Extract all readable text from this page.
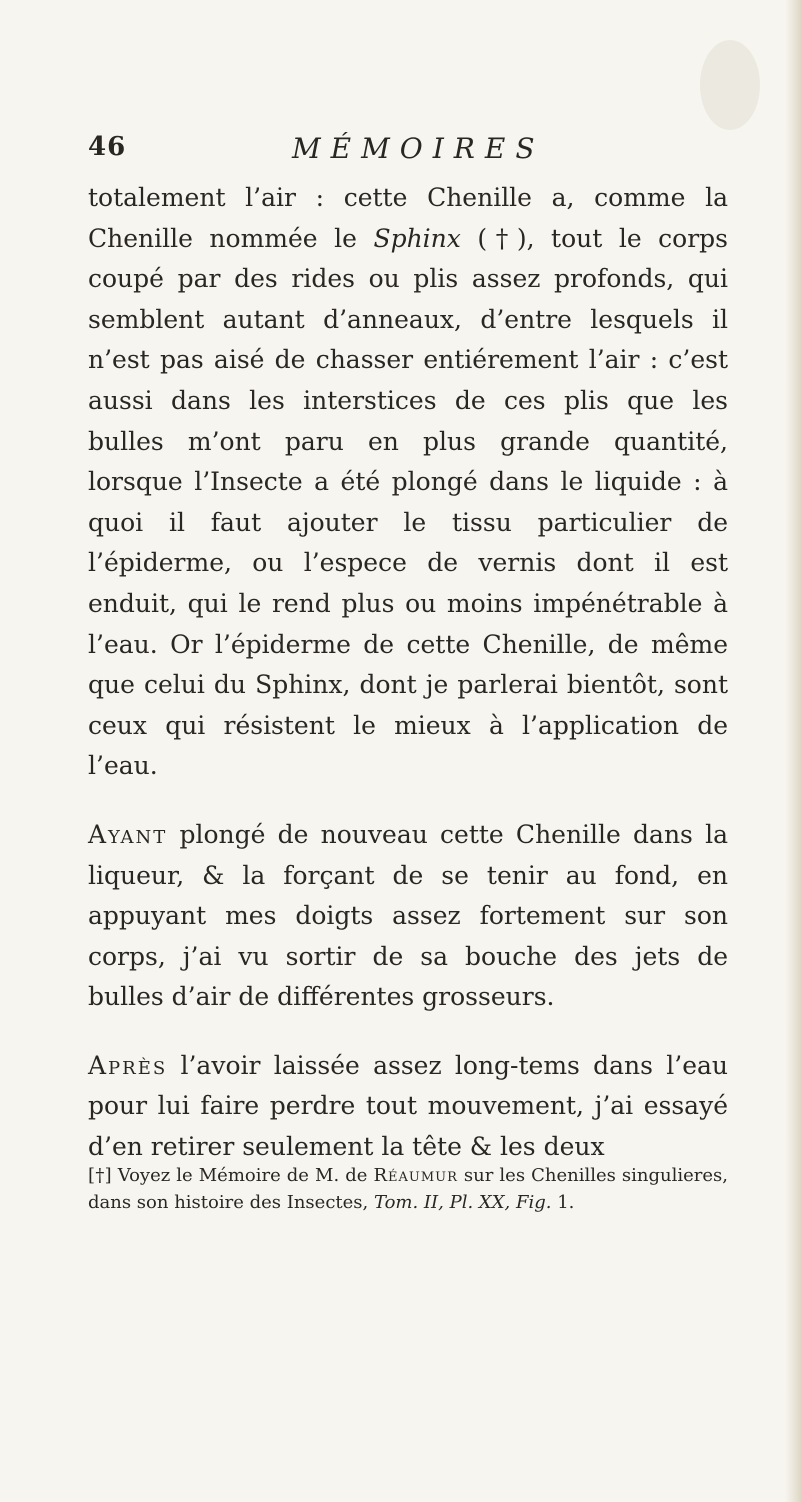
46	MÉMOIRES

totalement l’air : cette Chenille a, comme la Chenille nommée le Sphinx (†), tout le corps coupé par des rides ou plis assez profonds, qui semblent autant d’anneaux, d’entre lesquels il n’est pas aisé de chasser entiérement l’air : c’est aussi dans les interstices de ces plis que les bulles m’ont paru en plus grande quantité, lorsque l’Insecte a été plongé dans le liquide : à quoi il faut ajouter le tissu particulier de l’épiderme, ou l’espece de vernis dont il est enduit, qui le rend plus ou moins impénétrable à l’eau. Or l’épiderme de cette Chenille, de même que celui du Sphinx, dont je parlerai bientôt, sont ceux qui résistent le mieux à l’application de l’eau.

Ayant plongé de nouveau cette Chenille dans la liqueur, & la forçant de se tenir au fond, en appuyant mes doigts assez fortement sur son corps, j’ai vu sortir de sa bouche des jets de bulles d’air de différentes grosseurs.

Après l’avoir laissée assez long-tems dans l’eau pour lui faire perdre tout mouvement, j’ai essayé d’en retirer seulement la tête & les deux

[†] Voyez le Mémoire de M. de Réaumur sur les Chenilles singulieres, dans son histoire des Insectes, Tom. II, Pl. XX, Fig. 1.
